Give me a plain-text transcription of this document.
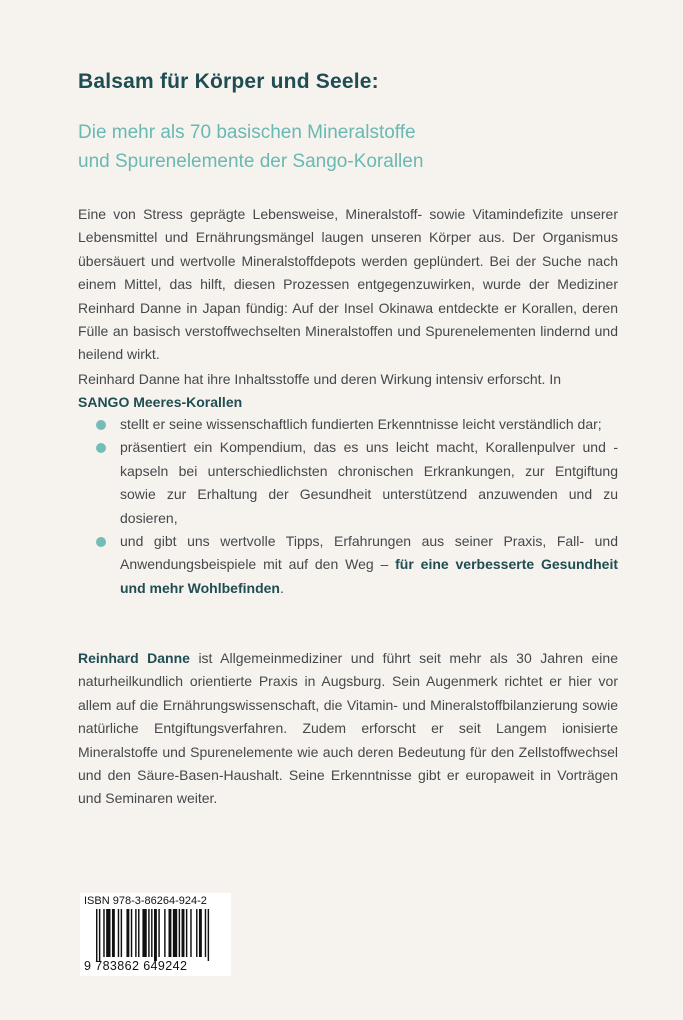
Balsam für Körper und Seele:
Die mehr als 70 basischen Mineralstoffe
und Spurenelemente der Sango-Korallen

Eine von Stress geprägte Lebensweise, Mineralstoff- sowie Vitamindefizite unserer Lebensmittel und Ernährungsmängel laugen unseren Körper aus. Der Organismus übersäuert und wertvolle Mineralstoffdepots werden geplündert. Bei der Suche nach einem Mittel, das hilft, diesen Prozessen entgegenzuwirken, wurde der Mediziner Reinhard Danne in Japan fündig: Auf der Insel Okinawa entdeckte er Korallen, deren Fülle an basisch verstoffwechselten Mineralstoffen und Spurenelementen lindernd und heilend wirkt.

Reinhard Danne hat ihre Inhaltsstoffe und deren Wirkung intensiv erforscht. In
SANGO Meeres-Korallen

stellt er seine wissenschaftlich fundierten Erkenntnisse leicht verständlich dar;
präsentiert ein Kompendium, das es uns leicht macht, Korallenpulver und -kapseln bei unterschiedlichsten chronischen Erkrankungen, zur Entgiftung sowie zur Erhaltung der Gesundheit unterstützend anzuwenden und zu dosieren,
und gibt uns wertvolle Tipps, Erfahrungen aus seiner Praxis, Fall- und Anwendungsbeispiele mit auf den Weg – für eine verbesserte Gesundheit und mehr Wohlbefinden.

Reinhard Danne ist Allgemeinmediziner und führt seit mehr als 30 Jahren eine naturheilkundlich orientierte Praxis in Augsburg. Sein Augenmerk richtet er hier vor allem auf die Ernährungswissenschaft, die Vitamin- und Mineralstoffbilanzierung sowie natürliche Entgiftungsverfahren. Zudem erforscht er seit Langem ionisierte Mineralstoffe und Spurenelemente wie auch deren Bedeutung für den Zellstoffwechsel und den Säure-Basen-Haushalt. Seine Erkenntnisse gibt er europaweit in Vorträgen und Seminaren weiter.

ISBN 978-3-86264-924-2
9 783862 649242
